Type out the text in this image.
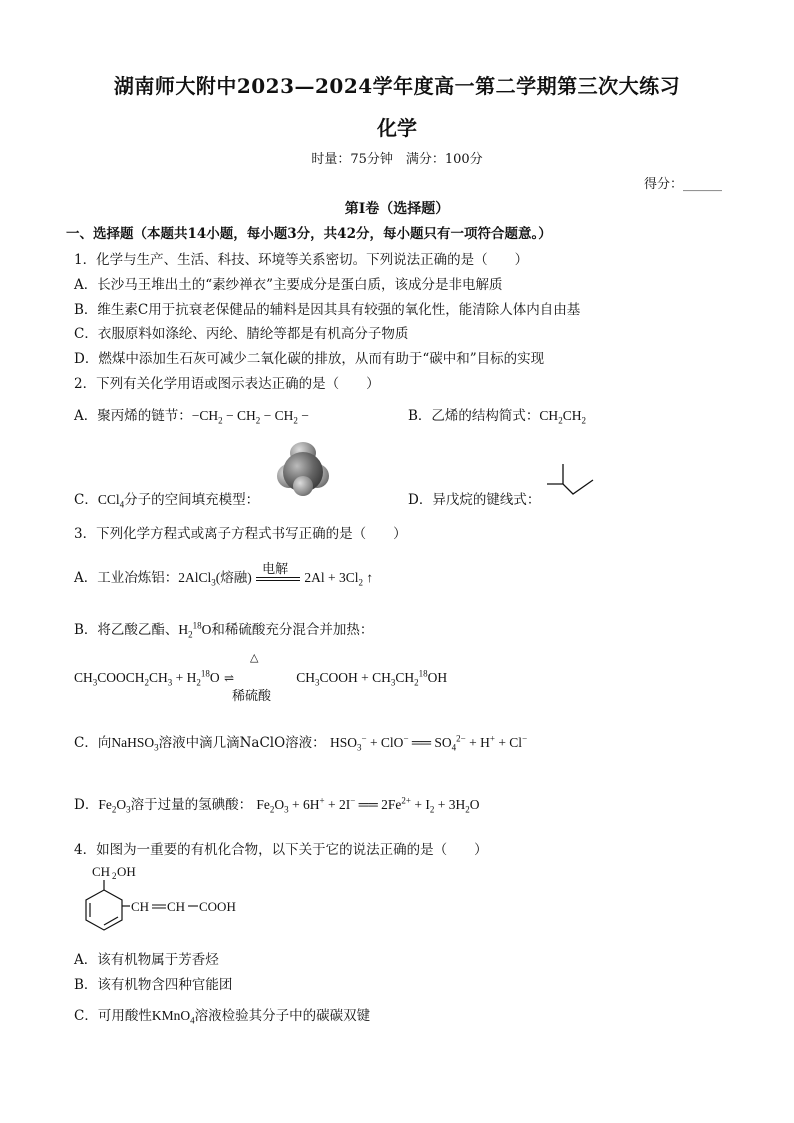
湖南师大附中2023—2024学年度高一第二学期第三次大练习
化学
时量：75分钟　满分：100分
得分：______
第Ⅰ卷（选择题）
一、选择题（本题共14小题，每小题3分，共42分，每小题只有一项符合题意。）
1．化学与生产、生活、科技、环境等关系密切。下列说法正确的是（　　）
A．长沙马王堆出土的“素纱禅衣”主要成分是蛋白质，该成分是非电解质
B．维生素C用于抗衰老保健品的辅料是因其具有较强的氧化性，能清除人体内自由基
C．衣服原料如涤纶、丙纶、腈纶等都是有机高分子物质
D．燃煤中添加生石灰可减少二氧化碳的排放，从而有助于“碳中和”目标的实现
2．下列有关化学用语或图示表达正确的是（　　）
A．聚丙烯的链节：$-CH_2 - CH_2 - CH_2$ −	B．乙烯的结构简式：$CH_2CH_2$
C．CCl$_4$分子的空间填充模型：	D．异戊烷的键线式：
3．下列化学方程式或离子方程式书写正确的是（　　）
A．工业冶炼铝：2AlCl$_3$(熔融)
电解
$2Al + 3Cl_2$ ↑
B．将乙酸乙酯、$H_2^{18}O$和稀硫酸充分混合并加热：
$CH_3COOCH_2CH_3 + H_2^{18}O$
△
⇌
稀硫酸
$CH_3COOH + CH_3CH_2^{18}OH$
C．向NaHSO$_3$溶液中滴几滴NaClO溶液： $HSO_3^- + ClO^-$ ══ $SO_4^{2-} + H^+ + Cl^-$
D．$Fe_2O_3$溶于过量的氢碘酸： $Fe_2O_3 + 6H^+ + 2I^-$ ══ $2Fe^{2+} + I_2 + 3H_2O$
4．如图为一重要的有机化合物，以下关于它的说法正确的是（　　）
CH 2 OH
CH CH COOH
A．该有机物属于芳香烃
B．该有机物含四种官能团
C．可用酸性KMnO$_4$溶液检验其分子中的碳碳双键
